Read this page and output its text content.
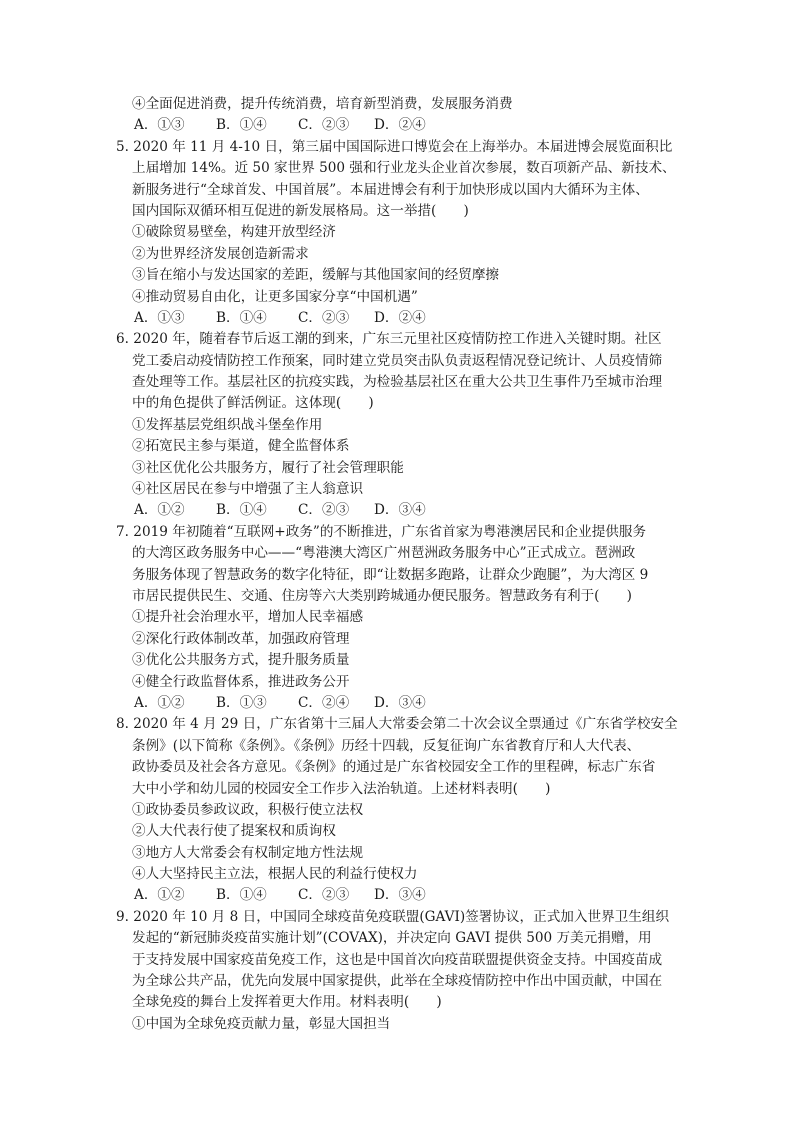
④全面促进消费，提升传统消费，培育新型消费，发展服务消费
A．①③	B．①④	C．②③	D．②④
5. 2020 年 11 月 4-10 日，第三届中国国际进口博览会在上海举办。本届进博会展览面积比
上届增加 14%。近 50 家世界 500 强和行业龙头企业首次参展，数百项新产品、新技术、
新服务进行“全球首发、中国首展”。本届进博会有利于加快形成以国内大循环为主体、
国内国际双循环相互促进的新发展格局。这一举措(　　)
①破除贸易壁垒，构建开放型经济
②为世界经济发展创造新需求
③旨在缩小与发达国家的差距，缓解与其他国家间的经贸摩擦
④推动贸易自由化，让更多国家分享“中国机遇”
A．①③	B．①④	C．②③	D．②④
6. 2020 年，随着春节后返工潮的到来，广东三元里社区疫情防控工作进入关键时期。社区
党工委启动疫情防控工作预案，同时建立党员突击队负责返程情况登记统计、人员疫情筛
查处理等工作。基层社区的抗疫实践，为检验基层社区在重大公共卫生事件乃至城市治理
中的角色提供了鲜活例证。这体现(　　)
①发挥基层党组织战斗堡垒作用
②拓宽民主参与渠道，健全监督体系
③社区优化公共服务方，履行了社会管理职能
④社区居民在参与中增强了主人翁意识
A．①②	B．①④	C．②③	D．③④
7. 2019 年初随着“互联网+政务”的不断推进，广东省首家为粤港澳居民和企业提供服务
的大湾区政务服务中心——“粤港澳大湾区广州琶洲政务服务中心”正式成立。琶洲政
务服务体现了智慧政务的数字化特征，即“让数据多跑路，让群众少跑腿”，为大湾区 9
市居民提供民生、交通、住房等六大类别跨城通办便民服务。智慧政务有利于(　　)
①提升社会治理水平，增加人民幸福感
②深化行政体制改革，加强政府管理
③优化公共服务方式，提升服务质量
④健全行政监督体系，推进政务公开
A．①②	B．①③	C．②④	D．③④
8. 2020 年 4 月 29 日，广东省第十三届人大常委会第二十次会议全票通过《广东省学校安全
条例》(以下简称《条例》。《条例》历经十四载，反复征询广东省教育厅和人大代表、
政协委员及社会各方意见。《条例》的通过是广东省校园安全工作的里程碑，标志广东省
大中小学和幼儿园的校园安全工作步入法治轨道。上述材料表明(　　)
①政协委员参政议政，积极行使立法权
②人大代表行使了提案权和质询权
③地方人大常委会有权制定地方性法规
④人大坚持民主立法，根据人民的利益行使权力
A．①②	B．①④	C．②③	D．③④
9. 2020 年 10 月 8 日，中国同全球疫苗免疫联盟(GAVI)签署协议，正式加入世界卫生组织
发起的“新冠肺炎疫苗实施计划”(COVAX)，并决定向 GAVI 提供 500 万美元捐赠，用
于支持发展中国家疫苗免疫工作，这也是中国首次向疫苗联盟提供资金支持。中国疫苗成
为全球公共产品，优先向发展中国家提供，此举在全球疫情防控中作出中国贡献，中国在
全球免疫的舞台上发挥着更大作用。材料表明(　　)
①中国为全球免疫贡献力量，彰显大国担当
